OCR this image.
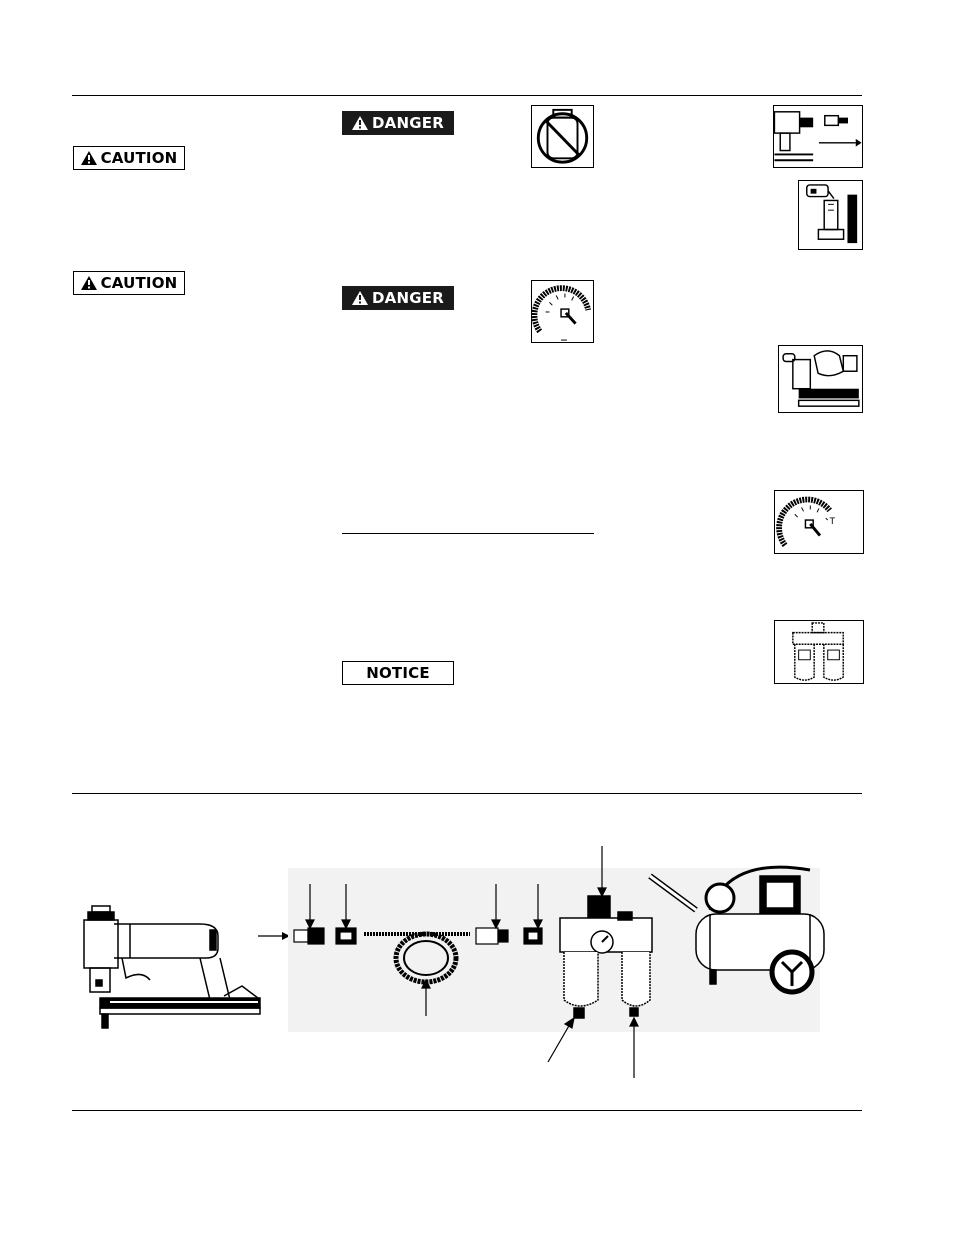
CAUTION
CAUTION
DANGER
DANGER
NOTICE
T
